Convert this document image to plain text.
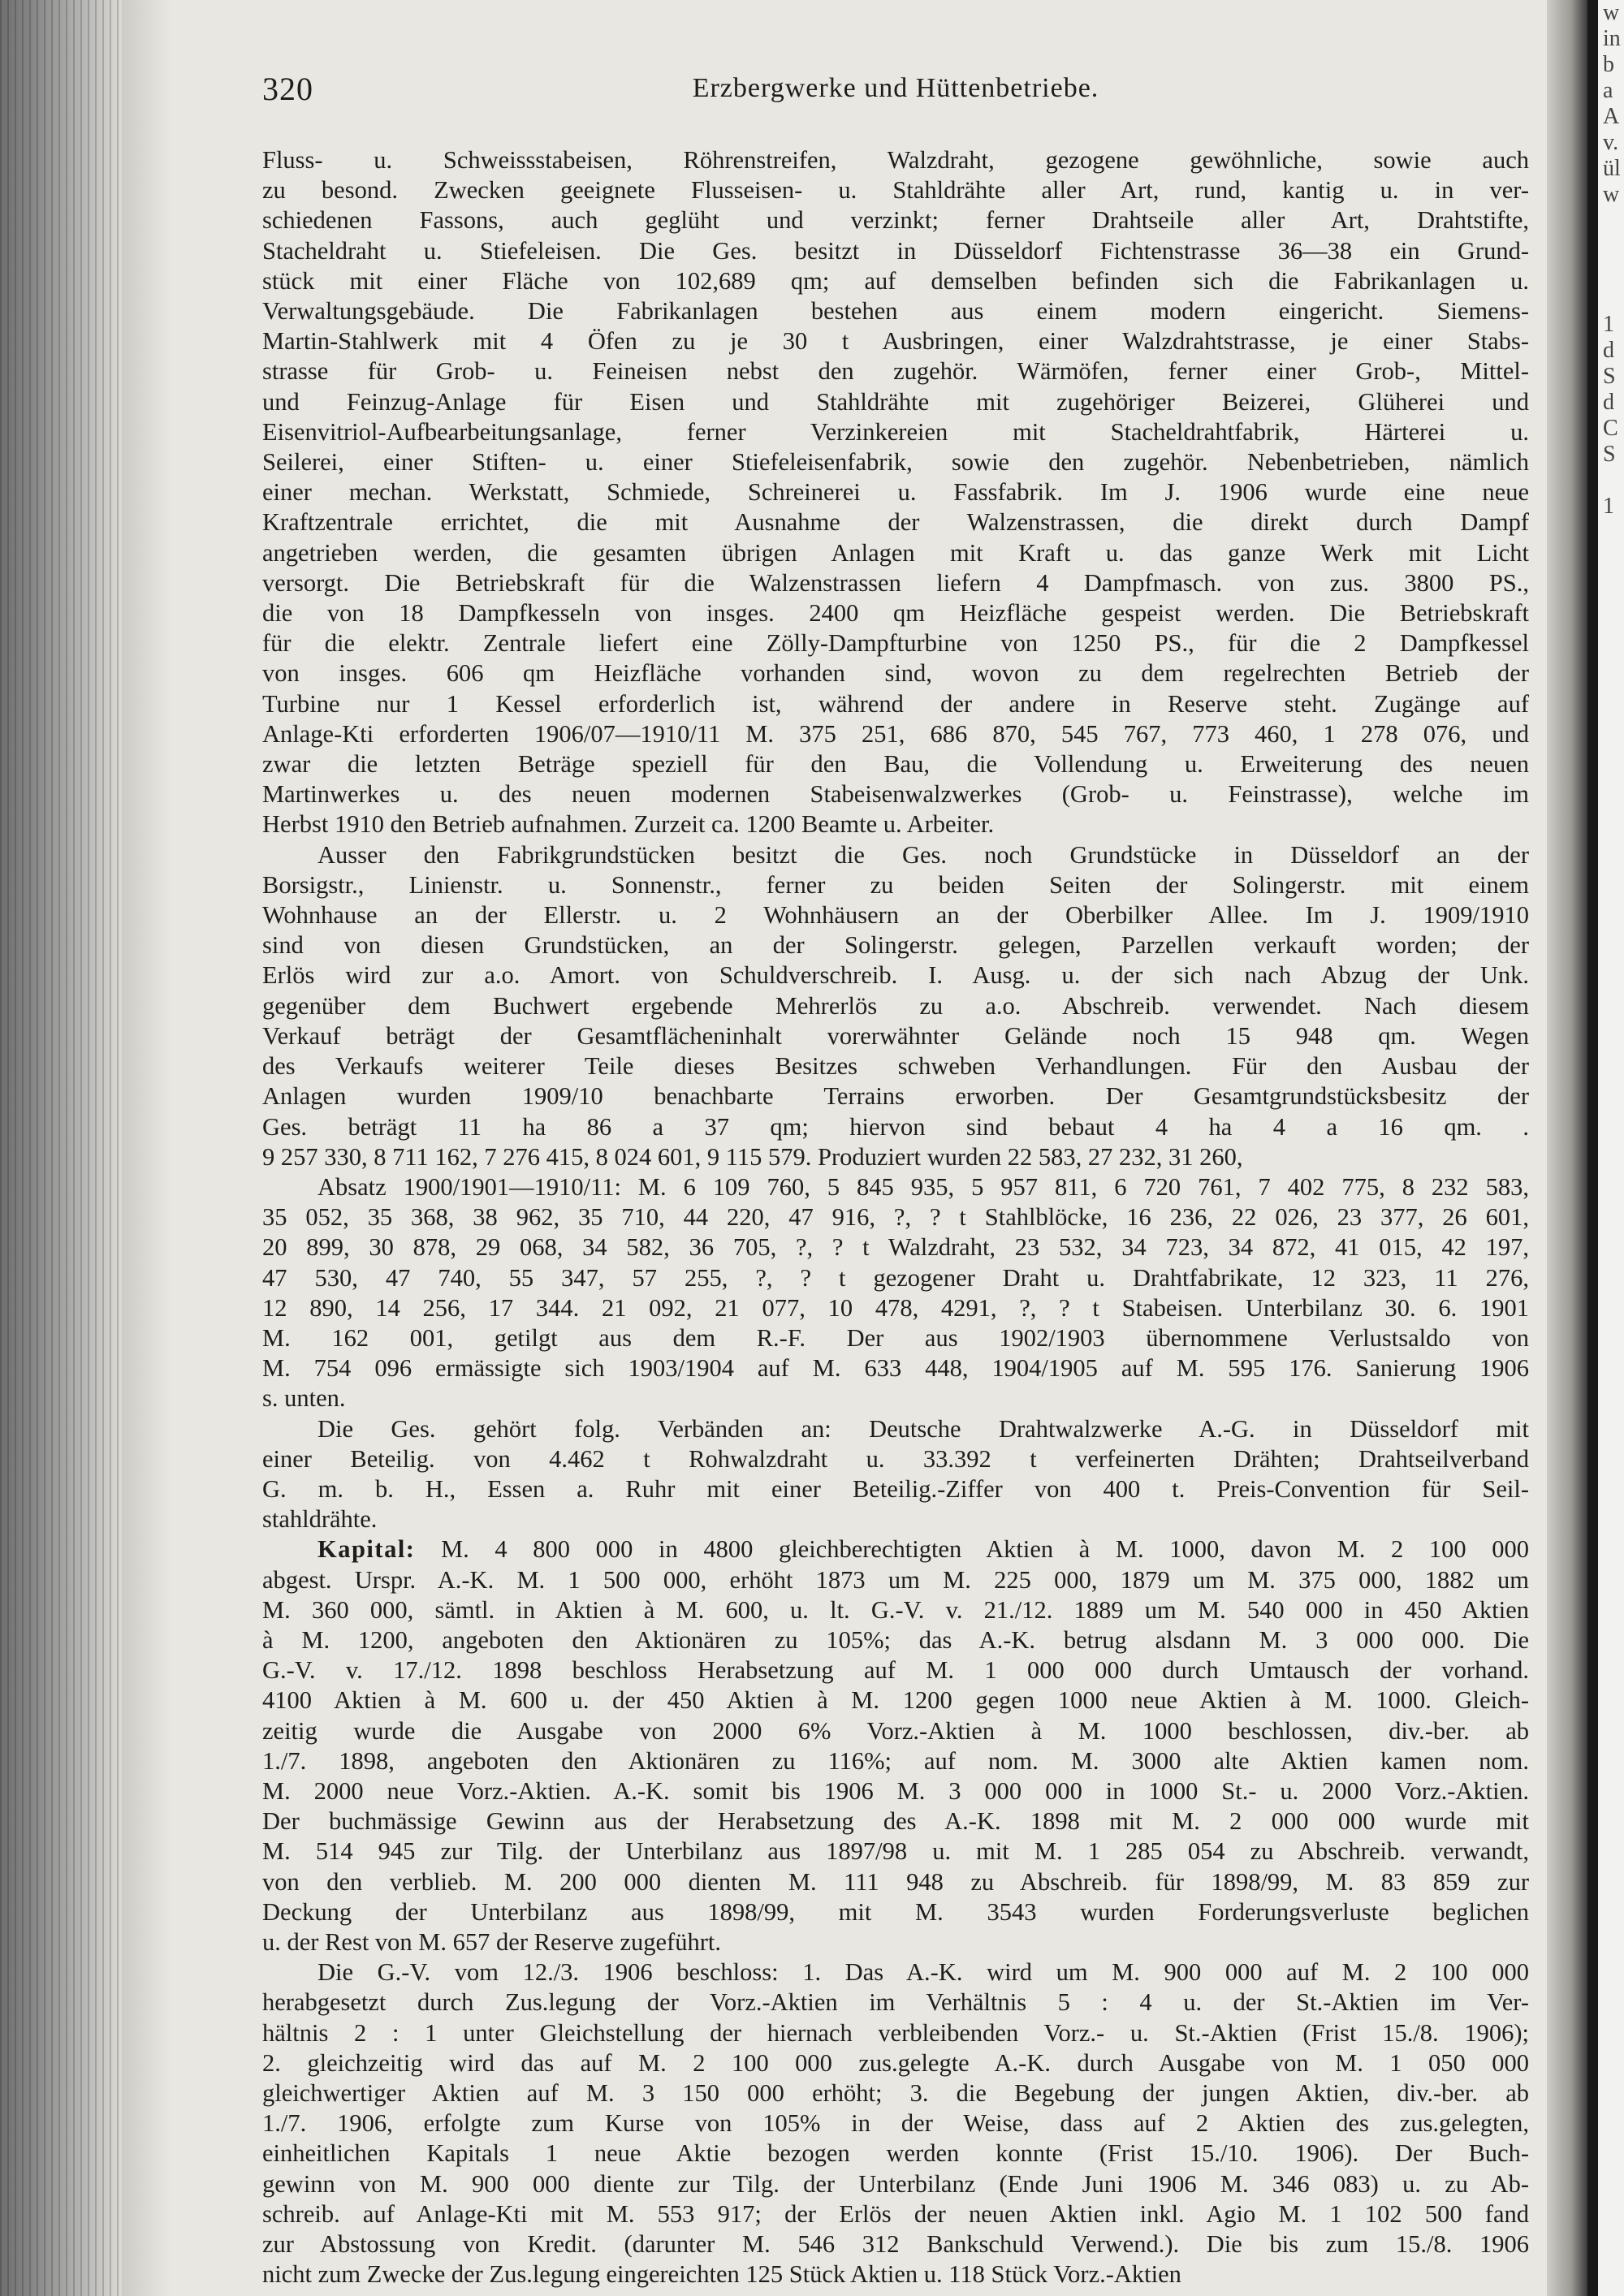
w
in
b
a
A
v.
ül
w

1
d
S
d
C
S

1

320	Erzbergwerke und Hüttenbetriebe.

Fluss- u. Schweissstabeisen, Röhrenstreifen, Walzdraht, gezogene gewöhnliche, sowie auch

zu besond. Zwecken geeignete Flusseisen- u. Stahldrähte aller Art, rund, kantig u. in ver-

schiedenen Fassons, auch geglüht und verzinkt; ferner Drahtseile aller Art, Drahtstifte,

Stacheldraht u. Stiefeleisen. Die Ges. besitzt in Düsseldorf Fichtenstrasse 36—38 ein Grund-

stück mit einer Fläche von 102,689 qm; auf demselben befinden sich die Fabrikanlagen u.

Verwaltungsgebäude. Die Fabrikanlagen bestehen aus einem modern eingericht. Siemens-

Martin-Stahlwerk mit 4 Öfen zu je 30 t Ausbringen, einer Walzdrahtstrasse, je einer Stabs-

strasse für Grob- u. Feineisen nebst den zugehör. Wärmöfen, ferner einer Grob-, Mittel-

und Feinzug-Anlage für Eisen und Stahldrähte mit zugehöriger Beizerei, Glüherei und

Eisenvitriol-Aufbearbeitungsanlage, ferner Verzinkereien mit Stacheldrahtfabrik, Härterei u.

Seilerei, einer Stiften- u. einer Stiefeleisenfabrik, sowie den zugehör. Nebenbetrieben, nämlich

einer mechan. Werkstatt, Schmiede, Schreinerei u. Fassfabrik. Im J. 1906 wurde eine neue

Kraftzentrale errichtet, die mit Ausnahme der Walzenstrassen, die direkt durch Dampf

angetrieben werden, die gesamten übrigen Anlagen mit Kraft u. das ganze Werk mit Licht

versorgt. Die Betriebskraft für die Walzenstrassen liefern 4 Dampfmasch. von zus. 3800 PS.,

die von 18 Dampfkesseln von insges. 2400 qm Heizfläche gespeist werden. Die Betriebskraft

für die elektr. Zentrale liefert eine Zölly-Dampfturbine von 1250 PS., für die 2 Dampfkessel

von insges. 606 qm Heizfläche vorhanden sind, wovon zu dem regelrechten Betrieb der

Turbine nur 1 Kessel erforderlich ist, während der andere in Reserve steht. Zugänge auf

Anlage-Kti erforderten 1906/07—1910/11 M. 375 251, 686 870, 545 767, 773 460, 1 278 076, und

zwar die letzten Beträge speziell für den Bau, die Vollendung u. Erweiterung des neuen

Martinwerkes u. des neuen modernen Stabeisenwalzwerkes (Grob- u. Feinstrasse), welche im

Herbst 1910 den Betrieb aufnahmen. Zurzeit ca. 1200 Beamte u. Arbeiter.

Ausser den Fabrikgrundstücken besitzt die Ges. noch Grundstücke in Düsseldorf an der

Borsigstr., Linienstr. u. Sonnenstr., ferner zu beiden Seiten der Solingerstr. mit einem

Wohnhause an der Ellerstr. u. 2 Wohnhäusern an der Oberbilker Allee. Im J. 1909/1910

sind von diesen Grundstücken, an der Solingerstr. gelegen, Parzellen verkauft worden; der

Erlös wird zur a.o. Amort. von Schuldverschreib. I. Ausg. u. der sich nach Abzug der Unk.

gegenüber dem Buchwert ergebende Mehrerlös zu a.o. Abschreib. verwendet. Nach diesem

Verkauf beträgt der Gesamtflächeninhalt vorerwähnter Gelände noch 15 948 qm. Wegen

des Verkaufs weiterer Teile dieses Besitzes schweben Verhandlungen. Für den Ausbau der

Anlagen wurden 1909/10 benachbarte Terrains erworben. Der Gesamtgrundstücksbesitz der

Ges. beträgt 11 ha 86 a 37 qm; hiervon sind bebaut 4 ha 4 a 16 qm. .

9 257 330, 8 711 162, 7 276 415, 8 024 601, 9 115 579. Produziert wurden 22 583, 27 232, 31 260,

Absatz 1900/1901—1910/11: M. 6 109 760, 5 845 935, 5 957 811, 6 720 761, 7 402 775, 8 232 583,

35 052, 35 368, 38 962, 35 710, 44 220, 47 916, ?, ? t Stahlblöcke, 16 236, 22 026, 23 377, 26 601,

20 899, 30 878, 29 068, 34 582, 36 705, ?, ? t Walzdraht, 23 532, 34 723, 34 872, 41 015, 42 197,

47 530, 47 740, 55 347, 57 255, ?, ? t gezogener Draht u. Drahtfabrikate, 12 323, 11 276,

12 890, 14 256, 17 344. 21 092, 21 077, 10 478, 4291, ?, ? t Stabeisen. Unterbilanz 30. 6. 1901

M. 162 001, getilgt aus dem R.-F. Der aus 1902/1903 übernommene Verlustsaldo von

M. 754 096 ermässigte sich 1903/1904 auf M. 633 448, 1904/1905 auf M. 595 176. Sanierung 1906

s. unten.

Die Ges. gehört folg. Verbänden an: Deutsche Drahtwalzwerke A.-G. in Düsseldorf mit

einer Beteilig. von 4.462 t Rohwalzdraht u. 33.392 t verfeinerten Drähten; Drahtseilverband

G. m. b. H., Essen a. Ruhr mit einer Beteilig.-Ziffer von 400 t. Preis-Convention für Seil-

stahldrähte.

Kapital: M. 4 800 000 in 4800 gleichberechtigten Aktien à M. 1000, davon M. 2 100 000

abgest. Urspr. A.-K. M. 1 500 000, erhöht 1873 um M. 225 000, 1879 um M. 375 000, 1882 um

M. 360 000, sämtl. in Aktien à M. 600, u. lt. G.-V. v. 21./12. 1889 um M. 540 000 in 450 Aktien

à M. 1200, angeboten den Aktionären zu 105%; das A.-K. betrug alsdann M. 3 000 000. Die

G.-V. v. 17./12. 1898 beschloss Herabsetzung auf M. 1 000 000 durch Umtausch der vorhand.

4100 Aktien à M. 600 u. der 450 Aktien à M. 1200 gegen 1000 neue Aktien à M. 1000. Gleich-

zeitig wurde die Ausgabe von 2000 6% Vorz.-Aktien à M. 1000 beschlossen, div.-ber. ab

1./7. 1898, angeboten den Aktionären zu 116%; auf nom. M. 3000 alte Aktien kamen nom.

M. 2000 neue Vorz.-Aktien. A.-K. somit bis 1906 M. 3 000 000 in 1000 St.- u. 2000 Vorz.-Aktien.

Der buchmässige Gewinn aus der Herabsetzung des A.-K. 1898 mit M. 2 000 000 wurde mit

M. 514 945 zur Tilg. der Unterbilanz aus 1897/98 u. mit M. 1 285 054 zu Abschreib. verwandt,

von den verblieb. M. 200 000 dienten M. 111 948 zu Abschreib. für 1898/99, M. 83 859 zur

Deckung der Unterbilanz aus 1898/99, mit M. 3543 wurden Forderungsverluste beglichen

u. der Rest von M. 657 der Reserve zugeführt.

Die G.-V. vom 12./3. 1906 beschloss: 1. Das A.-K. wird um M. 900 000 auf M. 2 100 000

herabgesetzt durch Zus.legung der Vorz.-Aktien im Verhältnis 5 : 4 u. der St.-Aktien im Ver-

hältnis 2 : 1 unter Gleichstellung der hiernach verbleibenden Vorz.- u. St.-Aktien (Frist 15./8. 1906);

2. gleichzeitig wird das auf M. 2 100 000 zus.gelegte A.-K. durch Ausgabe von M. 1 050 000

gleichwertiger Aktien auf M. 3 150 000 erhöht; 3. die Begebung der jungen Aktien, div.-ber. ab

1./7. 1906, erfolgte zum Kurse von 105% in der Weise, dass auf 2 Aktien des zus.gelegten,

einheitlichen Kapitals 1 neue Aktie bezogen werden konnte (Frist 15./10. 1906). Der Buch-

gewinn von M. 900 000 diente zur Tilg. der Unterbilanz (Ende Juni 1906 M. 346 083) u. zu Ab-

schreib. auf Anlage-Kti mit M. 553 917; der Erlös der neuen Aktien inkl. Agio M. 1 102 500 fand

zur Abstossung von Kredit. (darunter M. 546 312 Bankschuld Verwend.). Die bis zum 15./8. 1906

nicht zum Zwecke der Zus.legung eingereichten 125 Stück Aktien u. 118 Stück Vorz.-Aktien
